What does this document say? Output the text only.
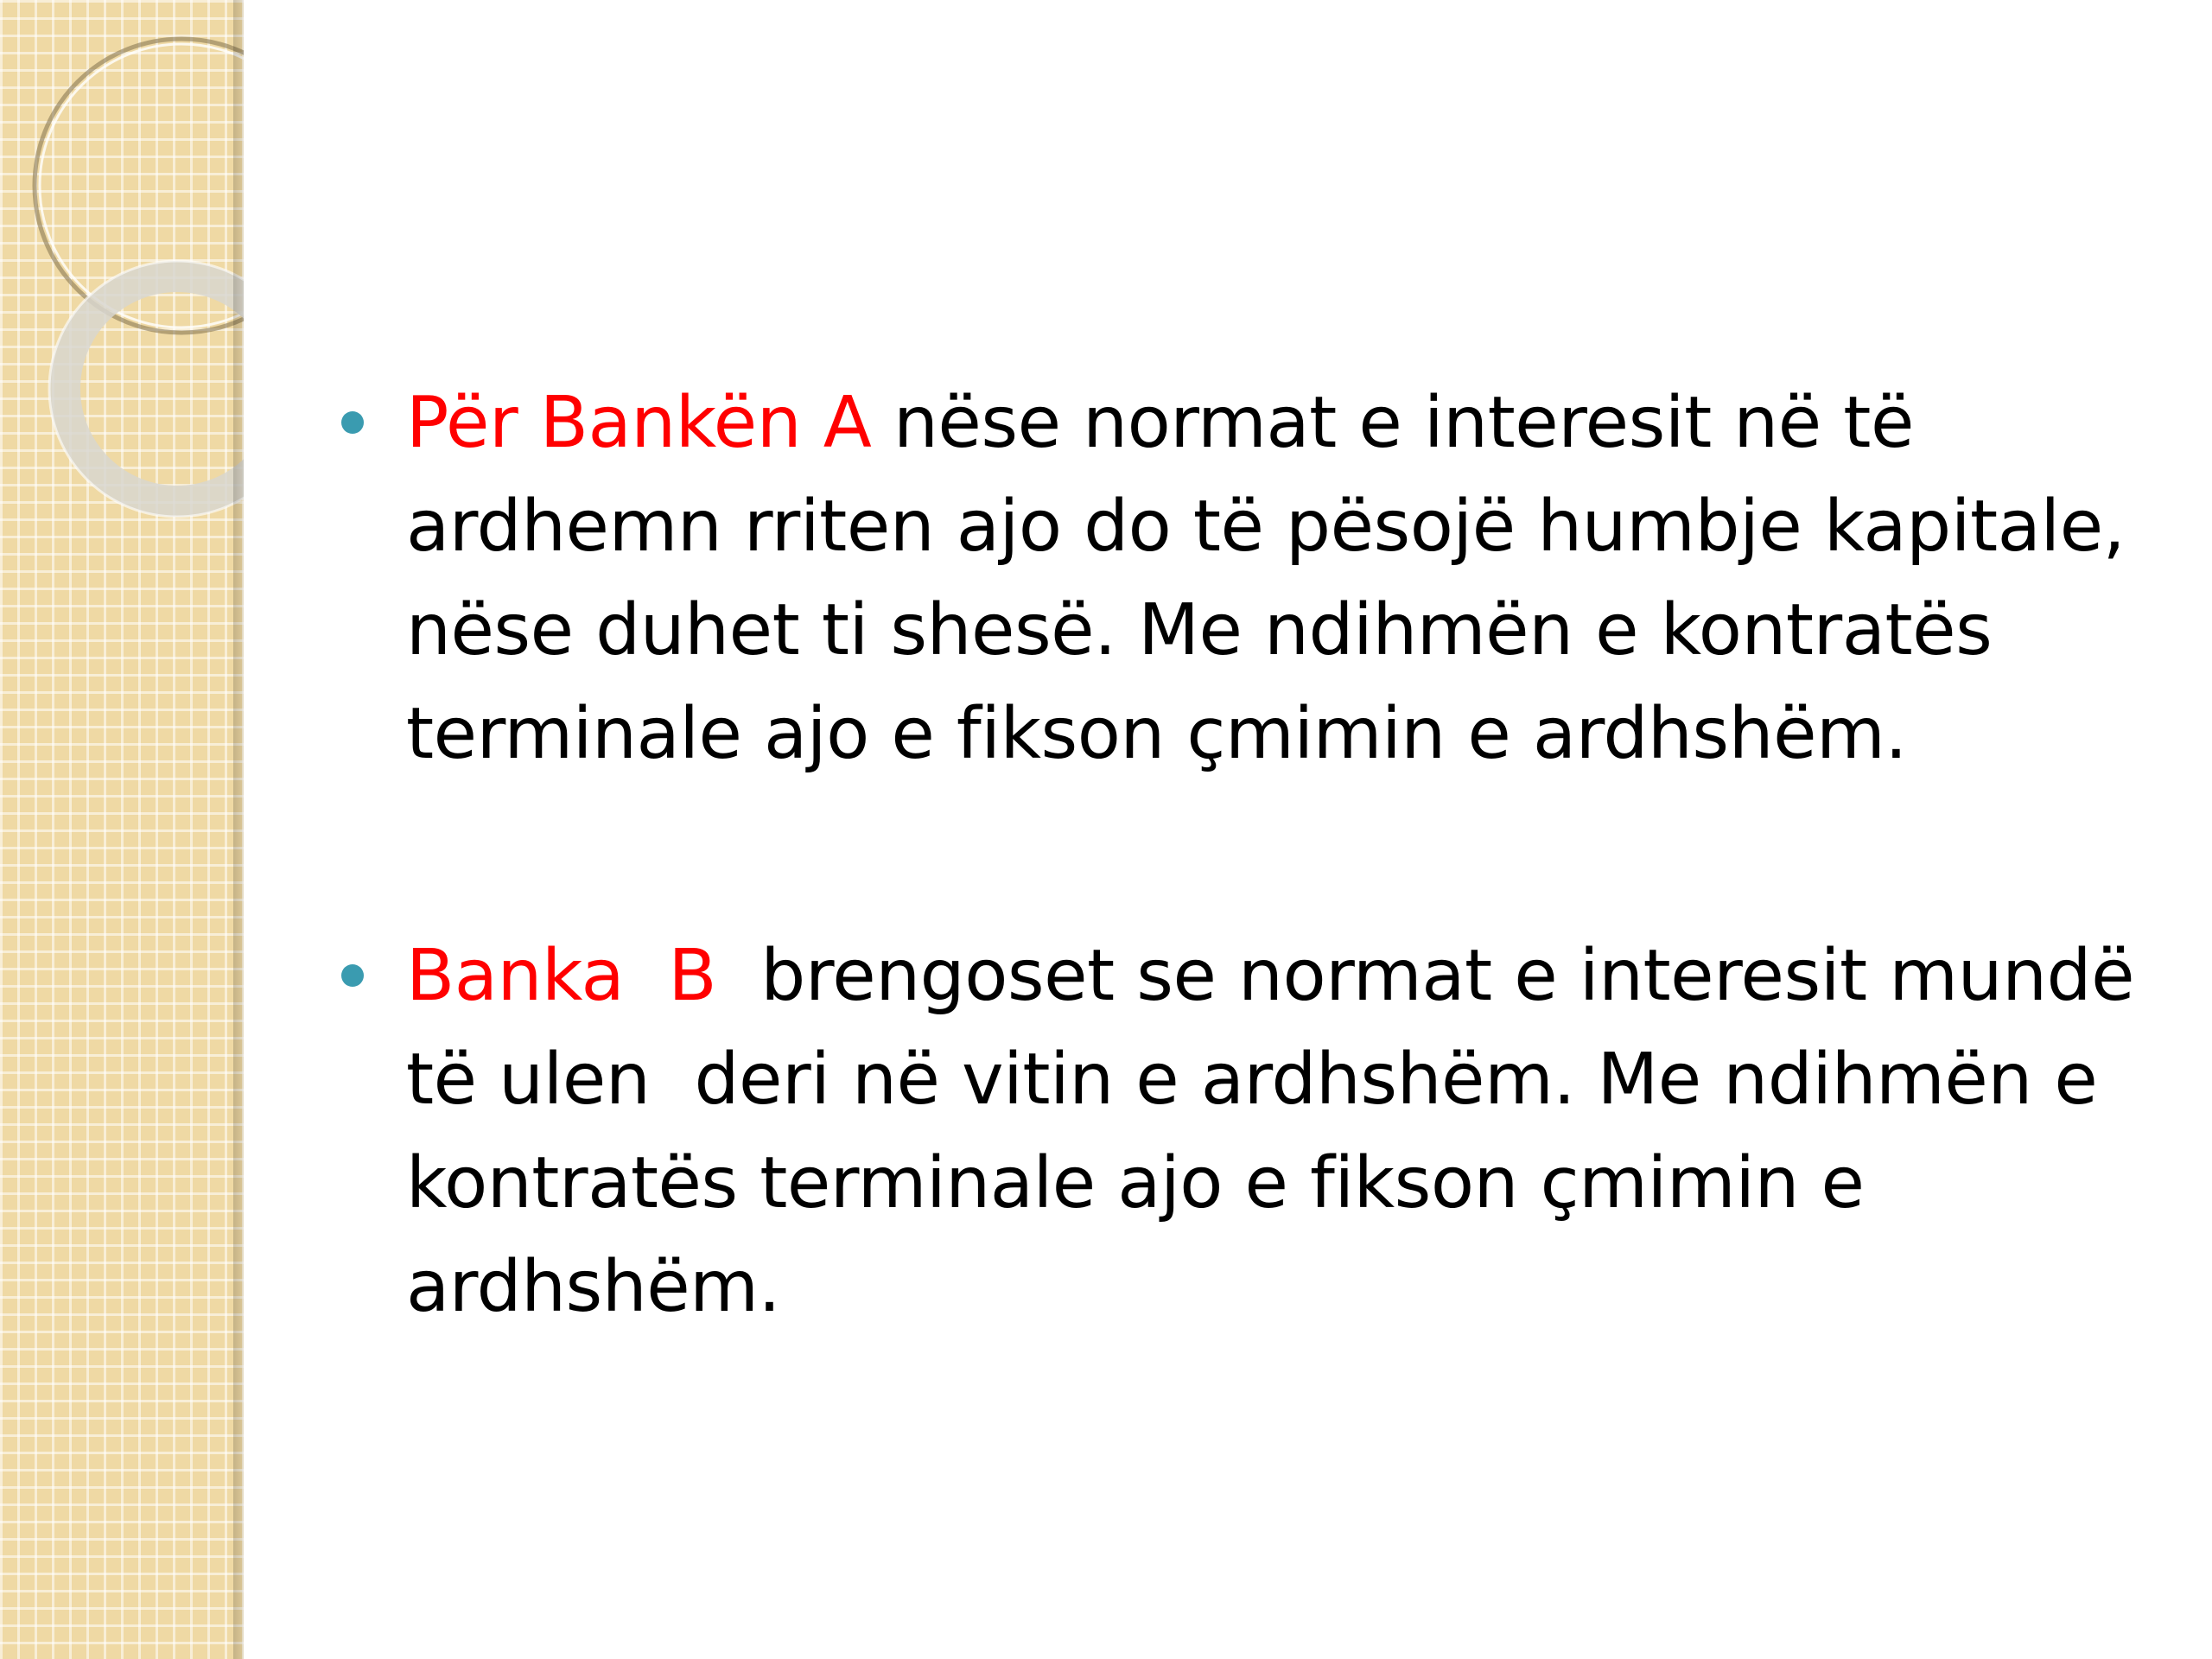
Për Bankën A nëse normat e interesit në të
ardhemn rriten ajo do të pësojë humbje kapitale,
nëse duhet ti shesë. Me ndihmën e kontratës
terminale ajo e fikson çmimin e ardhshëm.
Banka  B  brengoset se normat e interesit mundë
të ulen  deri në vitin e ardhshëm. Me ndihmën e
kontratës terminale ajo e fikson çmimin e
ardhshëm.
